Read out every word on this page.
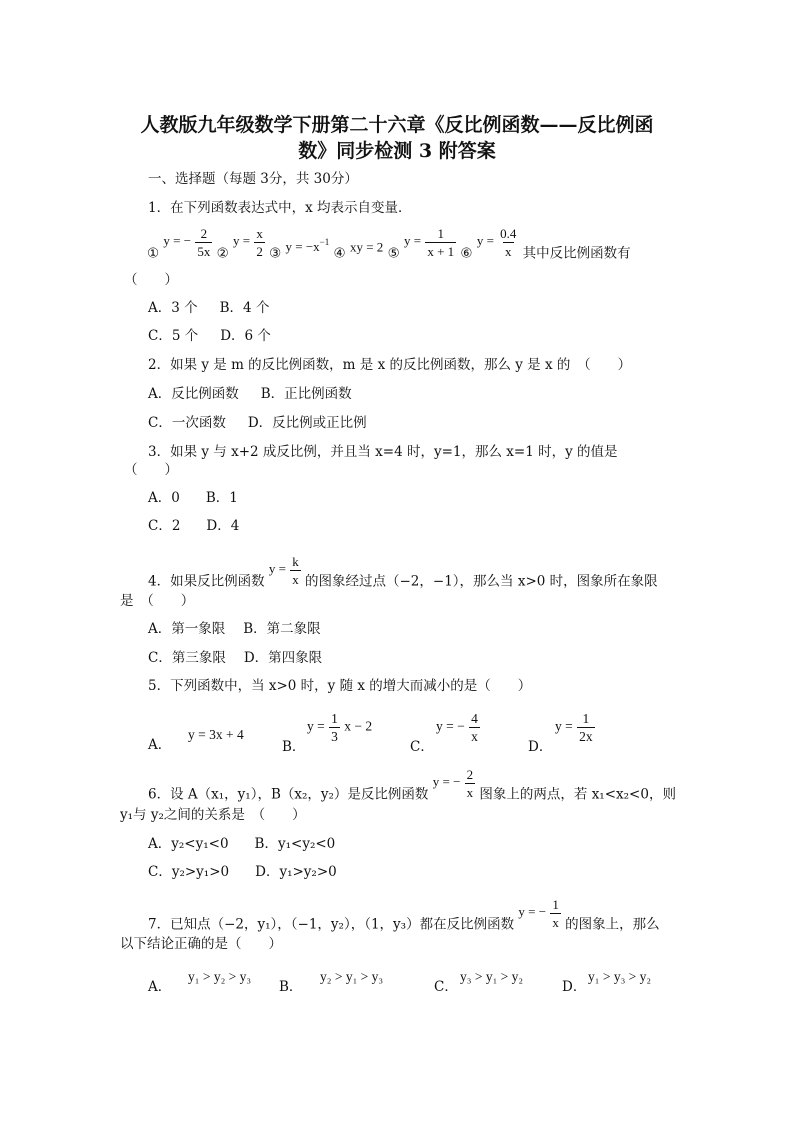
人教版九年级数学下册第二十六章《反比例函数——反比例函
数》同步检测 3 附答案
一、选择题（每题 3分，共 30分）
1．在下列函数表达式中，x 均表示自变量．
① y = − $\frac{2}{5x}$ ② $y = \frac{x}{2}$ ③ $y = -x^{-1}$ ④ xy = 2 ⑤ $y = \frac{1}{x + 1}$ ⑥ $y = \frac{0.4}{x}$ 其中反比例函数有
（　　）
A．3 个 B．4 个
C．5 个 D．6 个
2．如果 y 是 m 的反比例函数，m 是 x 的反比例函数，那么 y 是 x 的　（　　）
A．反比例函数 B．正比例函数
C．一次函数 D．反比例或正比例
3．如果 y 与 x+2 成反比例，并且当 x=4 时，y=1，那么 x=1 时，y 的值是
（　　）
A．0 B．1
C．2 D．4
4．如果反比例函数 $y = \frac{k}{x}$ 的图象经过点（−2，−1），那么当 x>0 时，图象所在象限
是　（　　）
A．第一象限 B．第二象限
C．第三象限 D．第四象限
5．下列函数中，当 x>0 时，y 随 x 的增大而减小的是（　　）
A．
y = 3x + 4
B．
$y = \frac{1}{3}$ x − 2
C．
y = − $\frac{4}{x}$
D．
$y = \frac{1}{2x}$
6．设 A（x₁，y₁），B（x₂，y₂）是反比例函数 y = − $\frac{2}{x}$ 图象上的两点，若 x₁<x₂<0，则
y₁与 y₂之间的关系是　（　　）
A．y₂<y₁<0 B．y₁<y₂<0
C．y₂>y₁>0 D．y₁>y₂>0
7．已知点（−2，y₁），（−1，y₂），（1，y₃）都在反比例函数 y = − $\frac{1}{x}$ 的图象上，那么
以下结论正确的是（　　）
A．
y₁ > y₂ > y₃
B．
y₂ > y₁ > y₃
C．
y₃ > y₁ > y₂
D．
y₁ > y₃ > y₂
